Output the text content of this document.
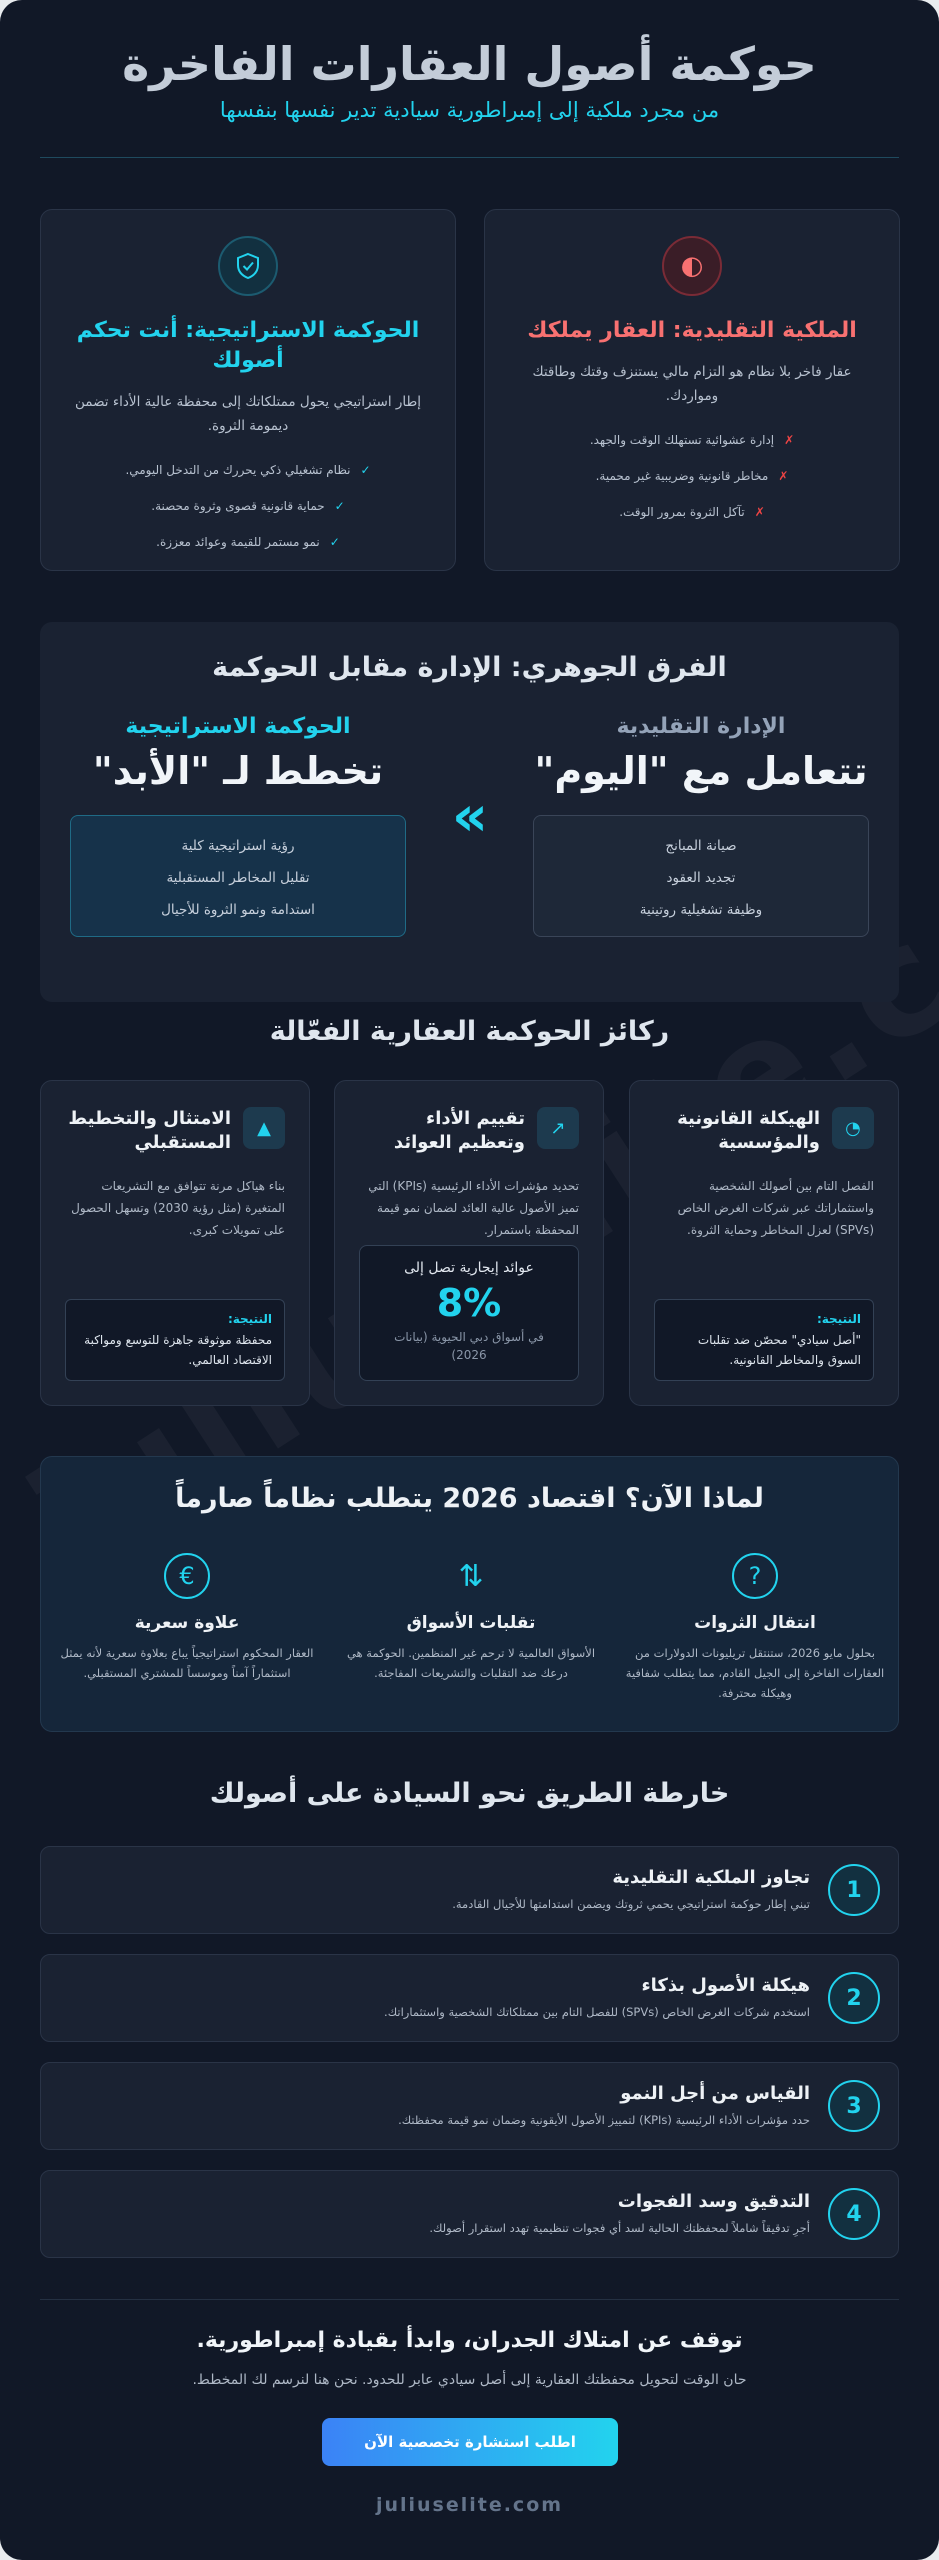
حوكمة أصول العقارات الفاخرة
من مجرد ملكية إلى إمبراطورية سيادية تدير نفسها بنفسها
◐
الملكية التقليدية: العقار يملكك
عقار فاخر بلا نظام هو التزام مالي يستنزف وقتك وطاقتك ومواردك.
✗
إدارة عشوائية تستهلك الوقت والجهد.
✗
مخاطر قانونية وضريبية غير محمية.
✗
تآكل الثروة بمرور الوقت.
الحوكمة الاستراتيجية: أنت تحكم أصولك
إطار استراتيجي يحول ممتلكاتك إلى محفظة عالية الأداء تضمن ديمومة الثروة.
✓
نظام تشغيلي ذكي يحررك من التدخل اليومي.
✓
حماية قانونية قصوى وثروة محصنة.
✓
نمو مستمر للقيمة وعوائد معززة.
الفرق الجوهري: الإدارة مقابل الحوكمة
الإدارة التقليدية
تتعامل مع "اليوم"
صيانة المبانج
تجديد العقود
وظيفة تشغيلية روتينية
»
الحوكمة الاستراتيجية
تخطط لـ "الأبد"
رؤية استراتيجية كلية
تقليل المخاطر المستقبلية
استدامة ونمو الثروة للأجيال
ركائز الحوكمة العقارية الفعّالة
◔
الهيكلة القانونية والمؤسسية
الفصل التام بين أصولك الشخصية واستثماراتك عبر شركات الغرض الخاص (SPVs) لعزل المخاطر وحماية الثروة.
النتيجة:
"أصل سيادي" محصّن ضد تقلبات السوق والمخاطر القانونية.
↗
تقييم الأداء وتعظيم العوائد
تحديد مؤشرات الأداء الرئيسية (KPIs) التي تميز الأصول عالية العائد لضمان نمو قيمة المحفظة باستمرار.
عوائد إيجارية تصل إلى
8%
في أسواق دبي الحيوية (بيانات 2026)
▲
الامتثال والتخطيط المستقبلي
بناء هياكل مرنة تتوافق مع التشريعات المتغيرة (مثل رؤية 2030) وتسهل الحصول على تمويلات كبرى.
النتيجة:
محفظة موثوقة جاهزة للتوسع ومواكبة الاقتصاد العالمي.
لماذا الآن؟ اقتصاد 2026 يتطلب نظاماً صارماً
?
انتقال الثروات
بحلول مايو 2026، ستنتقل تريليونات الدولارات من العقارات الفاخرة إلى الجيل القادم، مما يتطلب شفافية وهيكلة محترفة.
⇅
تقلبات الأسواق
الأسواق العالمية لا ترحم غير المنظمين. الحوكمة هي درعك ضد التقلبات والتشريعات المفاجئة.
€
علاوة سعرية
العقار المحكوم استراتيجياً يباع بعلاوة سعرية لأنه يمثل استثماراً آمناً وموسساً للمشتري المستقبلي.
خارطة الطريق نحو السيادة على أصولك
1
تجاوز الملكية التقليدية
تبني إطار حوكمة استراتيجي يحمي ثروتك ويضمن استدامتها للأجيال القادمة.
2
هيكلة الأصول بذكاء
استخدم شركات الغرض الخاص (SPVs) للفصل التام بين ممتلكاتك الشخصية واستثماراتك.
3
القياس من أجل النمو
حدد مؤشرات الأداء الرئيسية (KPIs) لتمييز الأصول الأيقونية وضمان نمو قيمة محفظتك.
4
التدقيق وسد الفجوات
أجرِ تدقيقاً شاملاً لمحفظتك الحالية لسد أي فجوات تنظيمية تهدد استقرار أصولك.
توقف عن امتلاك الجدران، وابدأ بقيادة إمبراطورية.
حان الوقت لتحويل محفظتك العقارية إلى أصل سيادي عابر للحدود. نحن هنا لنرسم لك المخطط.
اطلب استشارة تخصصية الآن
juliuselite.com
